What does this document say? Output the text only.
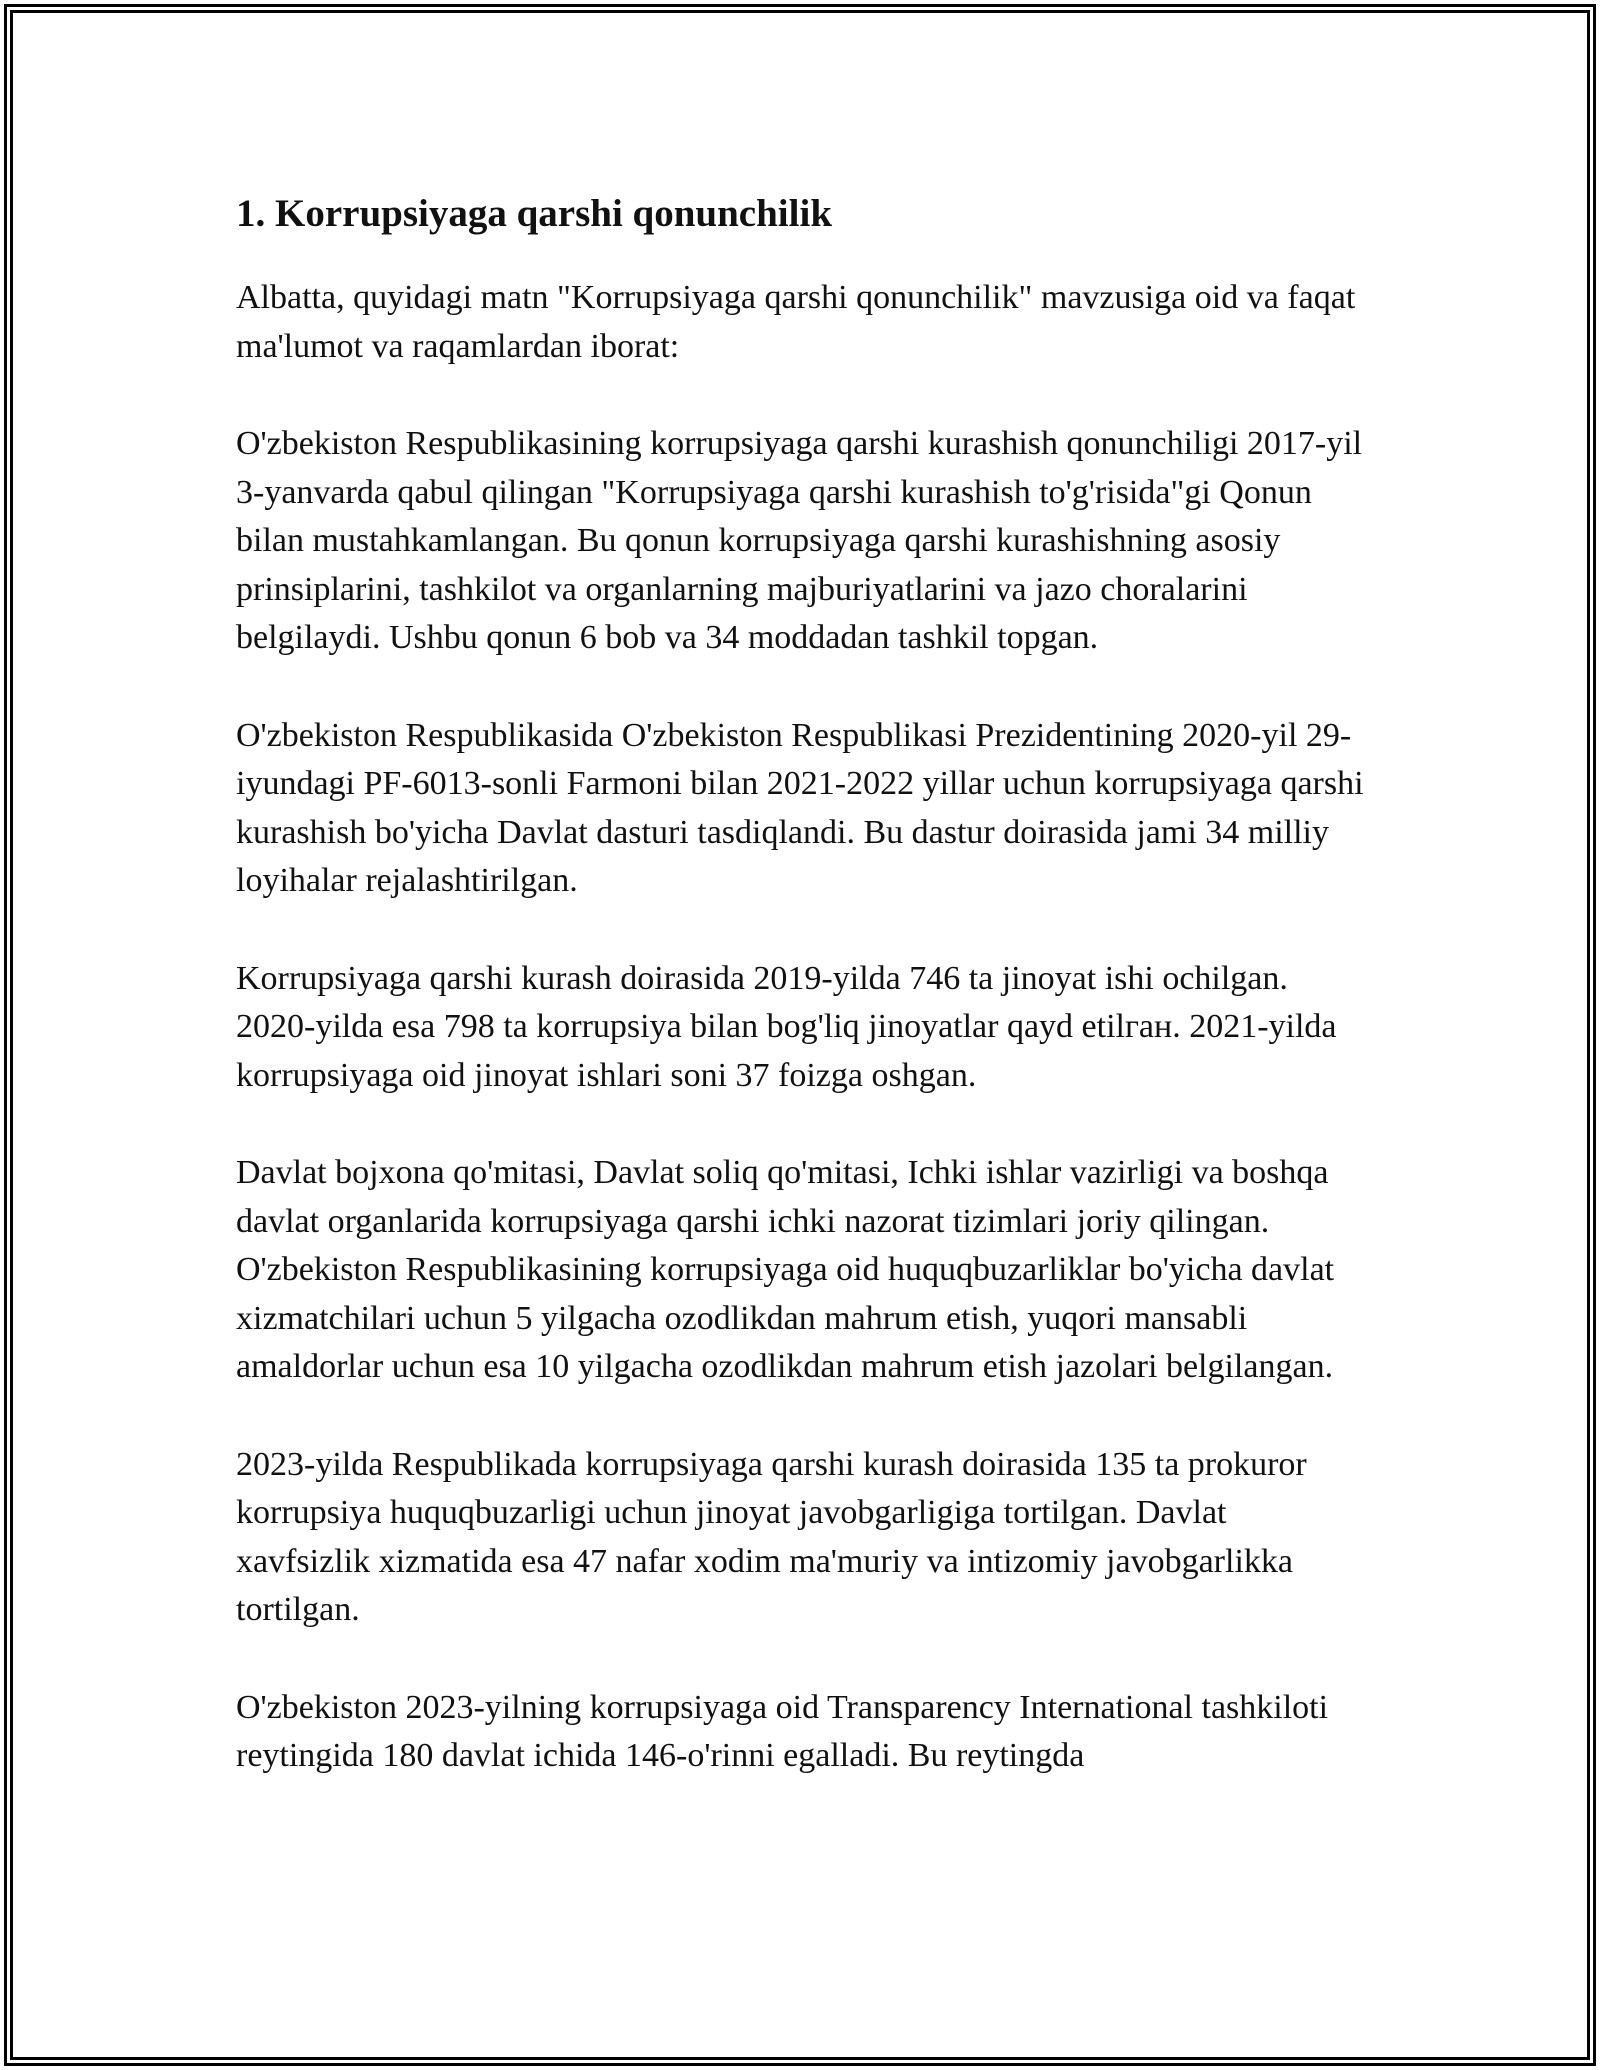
1. Korrupsiyaga qarshi qonunchilik

Albatta, quyidagi matn "Korrupsiyaga qarshi qonunchilik" mavzusiga oid va faqat ma'lumot va raqamlardan iborat:

O'zbekiston Respublikasining korrupsiyaga qarshi kurashish qonunchiligi 2017-yil 3-yanvarda qabul qilingan "Korrupsiyaga qarshi kurashish to'g'risida"gi Qonun bilan mustahkamlangan. Bu qonun korrupsiyaga qarshi kurashishning asosiy prinsiplarini, tashkilot va organlarning majburiyatlarini va jazo choralarini belgilaydi. Ushbu qonun 6 bob va 34 moddadan tashkil topgan.

O'zbekiston Respublikasida O'zbekiston Respublikasi Prezidentining 2020-yil 29-iyundagi PF-6013-sonli Farmoni bilan 2021-2022 yillar uchun korrupsiyaga qarshi kurashish bo'yicha Davlat dasturi tasdiqlandi. Bu dastur doirasida jami 34 milliy loyihalar rejalashtirilgan.

Korrupsiyaga qarshi kurash doirasida 2019-yilda 746 ta jinoyat ishi ochilgan. 2020-yilda esa 798 ta korrupsiya bilan bog'liq jinoyatlar qayd etilган. 2021-yilda korrupsiyaga oid jinoyat ishlari soni 37 foizga oshgan.

Davlat bojxona qo'mitasi, Davlat soliq qo'mitasi, Ichki ishlar vazirligi va boshqa davlat organlarida korrupsiyaga qarshi ichki nazorat tizimlari joriy qilingan. O'zbekiston Respublikasining korrupsiyaga oid huquqbuzarliklar bo'yicha davlat xizmatchilari uchun 5 yilgacha ozodlikdan mahrum etish, yuqori mansabli amaldorlar uchun esa 10 yilgacha ozodlikdan mahrum etish jazolari belgilangan.

2023-yilda Respublikada korrupsiyaga qarshi kurash doirasida 135 ta prokuror korrupsiya huquqbuzarligi uchun jinoyat javobgarligiga tortilgan. Davlat xavfsizlik xizmatida esa 47 nafar xodim ma'muriy va intizomiy javobgarlikka tortilgan.

O'zbekiston 2023-yilning korrupsiyaga oid Transparency International tashkiloti reytingida 180 davlat ichida 146-o'rinni egalladi. Bu reytingda
